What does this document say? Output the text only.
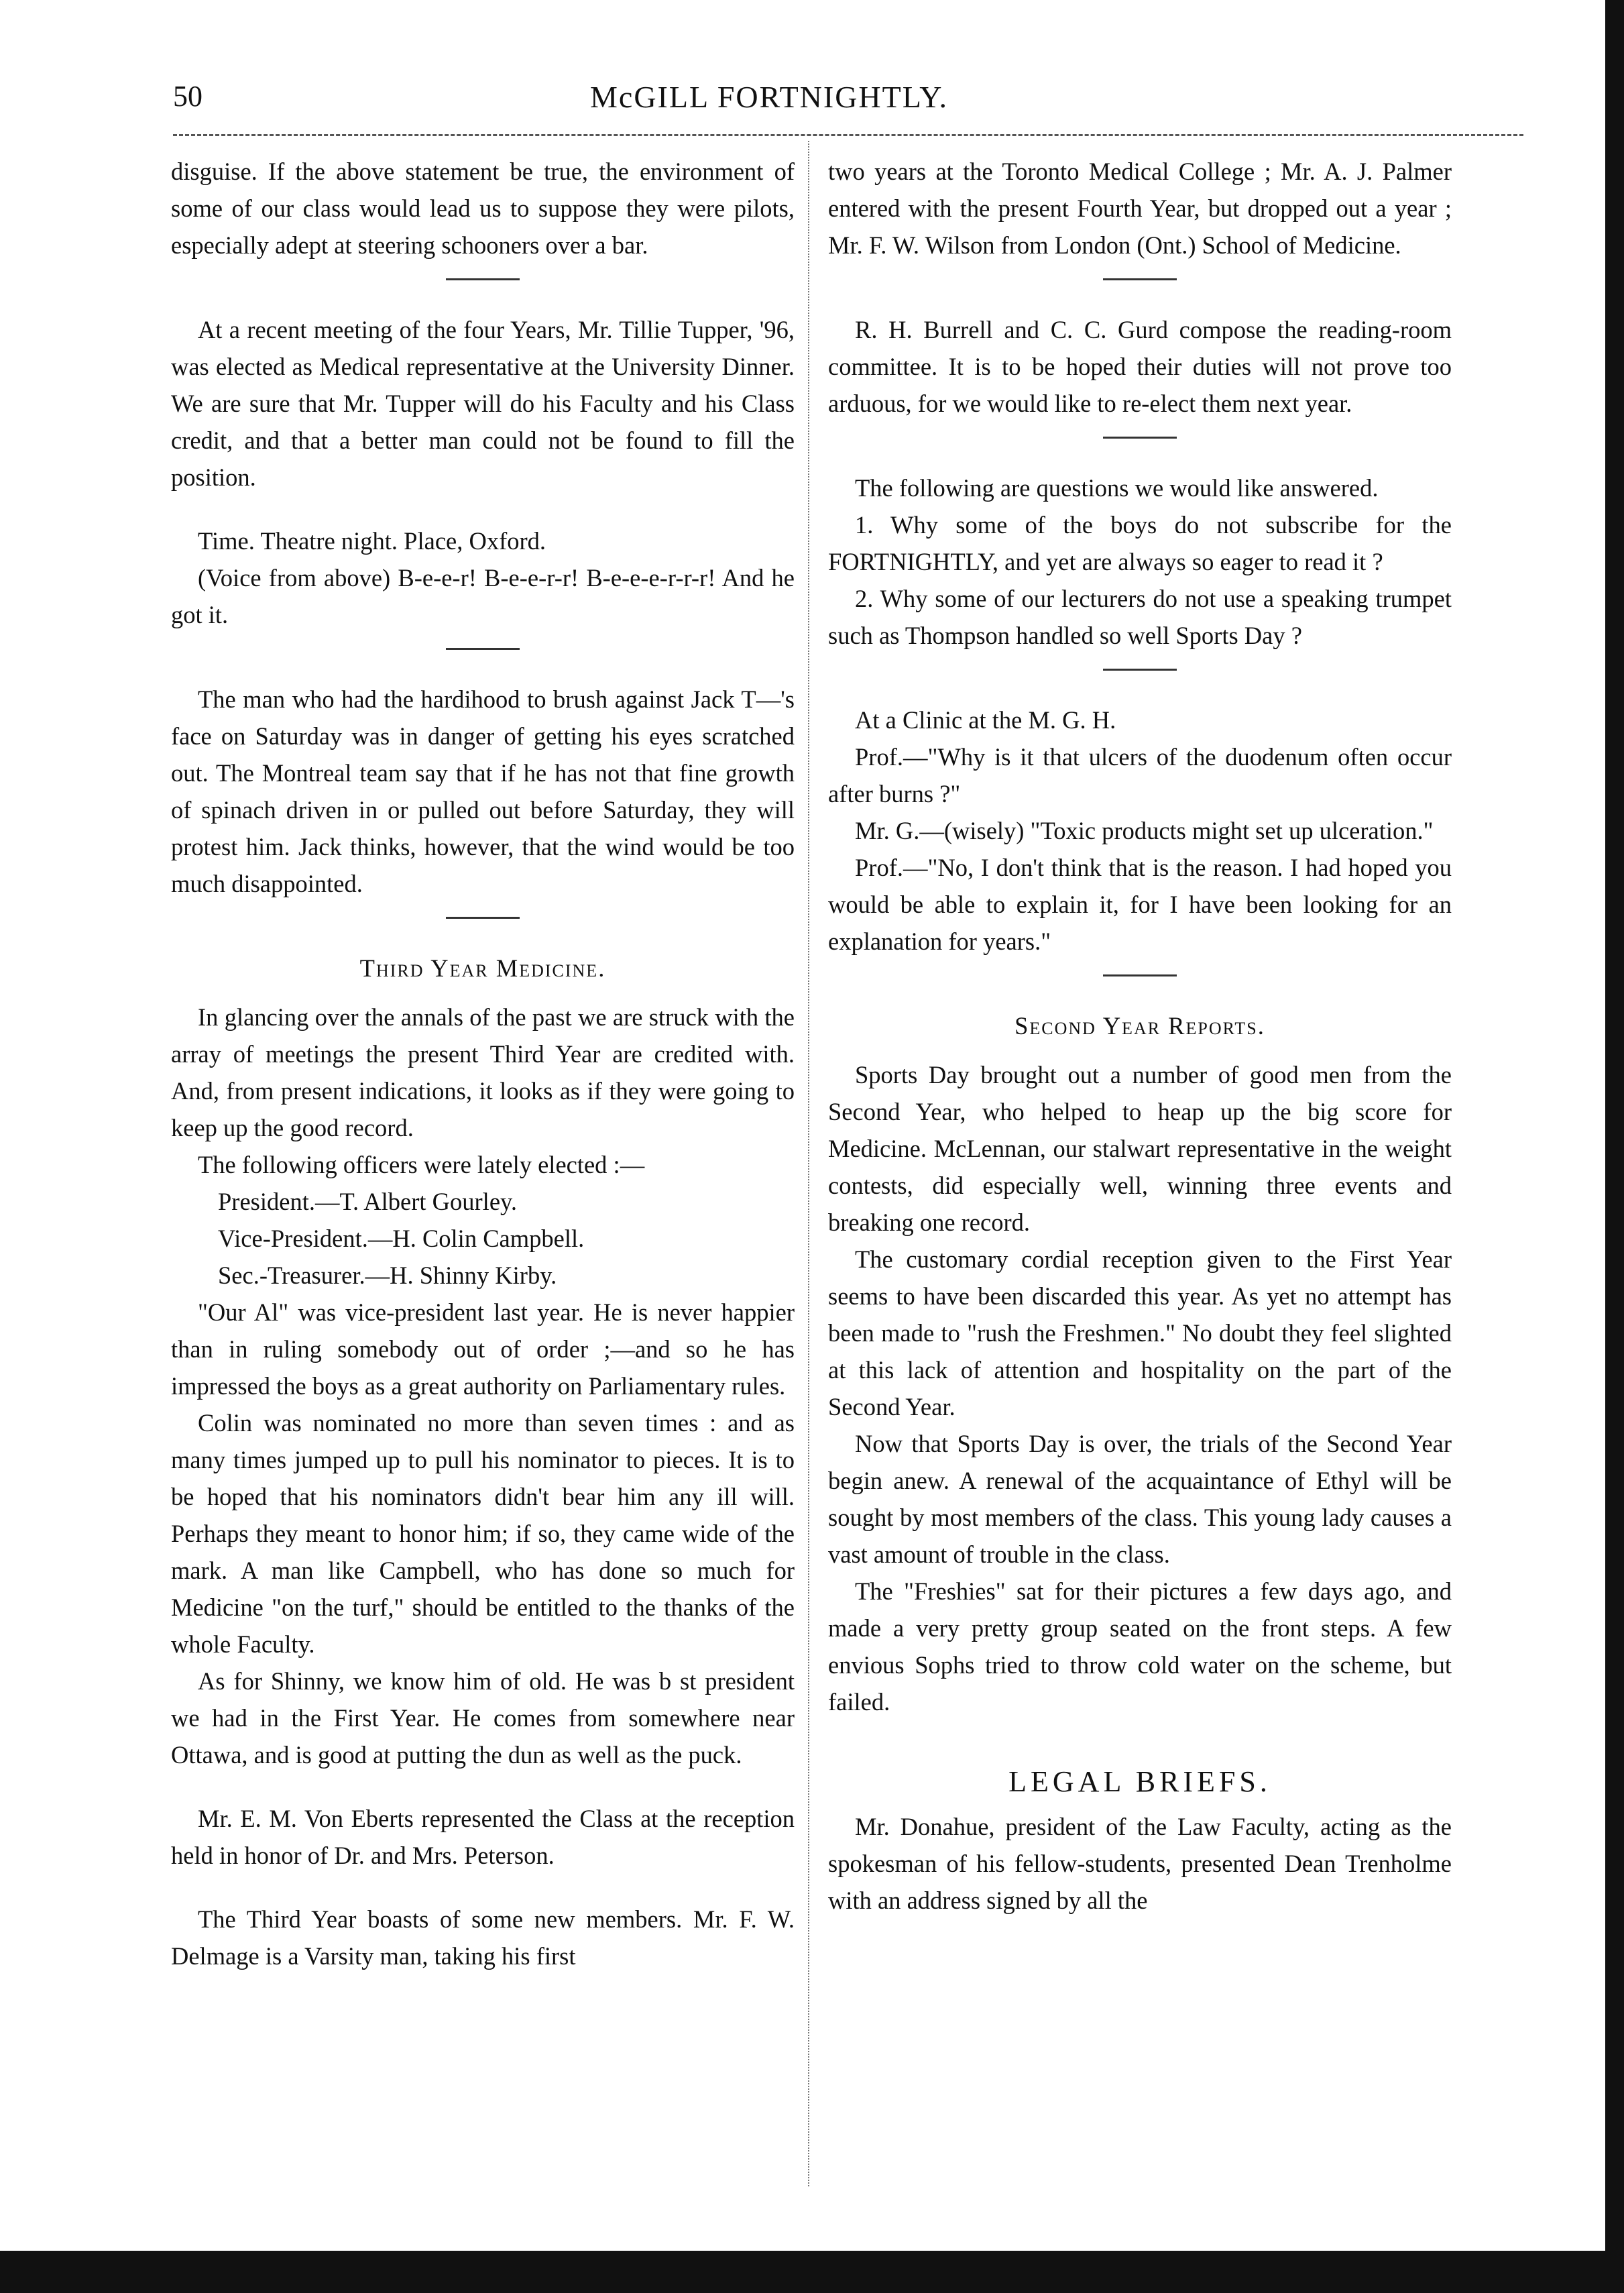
50	McGILL FORTNIGHTLY.

disguise. If the above statement be true, the environment of some of our class would lead us to suppose they were pilots, especially adept at steering schooners over a bar.

At a recent meeting of the four Years, Mr. Tillie Tupper, '96, was elected as Medical representative at the University Dinner. We are sure that Mr. Tupper will do his Faculty and his Class credit, and that a better man could not be found to fill the position.

Time. Theatre night. Place, Oxford.

(Voice from above) B-e-e-r! B-e-e-r-r! B-e-e-e-r-r-r! And he got it.

The man who had the hardihood to brush against Jack T—'s face on Saturday was in danger of getting his eyes scratched out. The Montreal team say that if he has not that fine growth of spinach driven in or pulled out before Saturday, they will protest him. Jack thinks, however, that the wind would be too much disappointed.

Third Year Medicine.

In glancing over the annals of the past we are struck with the array of meetings the present Third Year are credited with. And, from present indications, it looks as if they were going to keep up the good record.

The following officers were lately elected :—

President.—T. Albert Gourley.

Vice-President.—H. Colin Campbell.

Sec.-Treasurer.—H. Shinny Kirby.

"Our Al" was vice-president last year. He is never happier than in ruling somebody out of order ;—and so he has impressed the boys as a great authority on Parliamentary rules.

Colin was nominated no more than seven times : and as many times jumped up to pull his nominator to pieces. It is to be hoped that his nominators didn't bear him any ill will. Perhaps they meant to honor him; if so, they came wide of the mark. A man like Campbell, who has done so much for Medicine "on the turf," should be entitled to the thanks of the whole Faculty.

As for Shinny, we know him of old. He was b st president we had in the First Year. He comes from somewhere near Ottawa, and is good at putting the dun as well as the puck.

Mr. E. M. Von Eberts represented the Class at the reception held in honor of Dr. and Mrs. Peterson.

The Third Year boasts of some new members. Mr. F. W. Delmage is a Varsity man, taking his first

two years at the Toronto Medical College ; Mr. A. J. Palmer entered with the present Fourth Year, but dropped out a year ; Mr. F. W. Wilson from London (Ont.) School of Medicine.

R. H. Burrell and C. C. Gurd compose the reading-room committee. It is to be hoped their duties will not prove too arduous, for we would like to re-elect them next year.

The following are questions we would like answered.

1. Why some of the boys do not subscribe for the FORTNIGHTLY, and yet are always so eager to read it ?

2. Why some of our lecturers do not use a speaking trumpet such as Thompson handled so well Sports Day ?

At a Clinic at the M. G. H.

Prof.—"Why is it that ulcers of the duodenum often occur after burns ?"

Mr. G.—(wisely) "Toxic products might set up ulceration."

Prof.—"No, I don't think that is the reason. I had hoped you would be able to explain it, for I have been looking for an explanation for years."

Second Year Reports.

Sports Day brought out a number of good men from the Second Year, who helped to heap up the big score for Medicine. McLennan, our stalwart representative in the weight contests, did especially well, winning three events and breaking one record.

The customary cordial reception given to the First Year seems to have been discarded this year. As yet no attempt has been made to "rush the Freshmen." No doubt they feel slighted at this lack of attention and hospitality on the part of the Second Year.

Now that Sports Day is over, the trials of the Second Year begin anew. A renewal of the acquaintance of Ethyl will be sought by most members of the class. This young lady causes a vast amount of trouble in the class.

The "Freshies" sat for their pictures a few days ago, and made a very pretty group seated on the front steps. A few envious Sophs tried to throw cold water on the scheme, but failed.

LEGAL BRIEFS.

Mr. Donahue, president of the Law Faculty, acting as the spokesman of his fellow-students, presented Dean Trenholme with an address signed by all the
